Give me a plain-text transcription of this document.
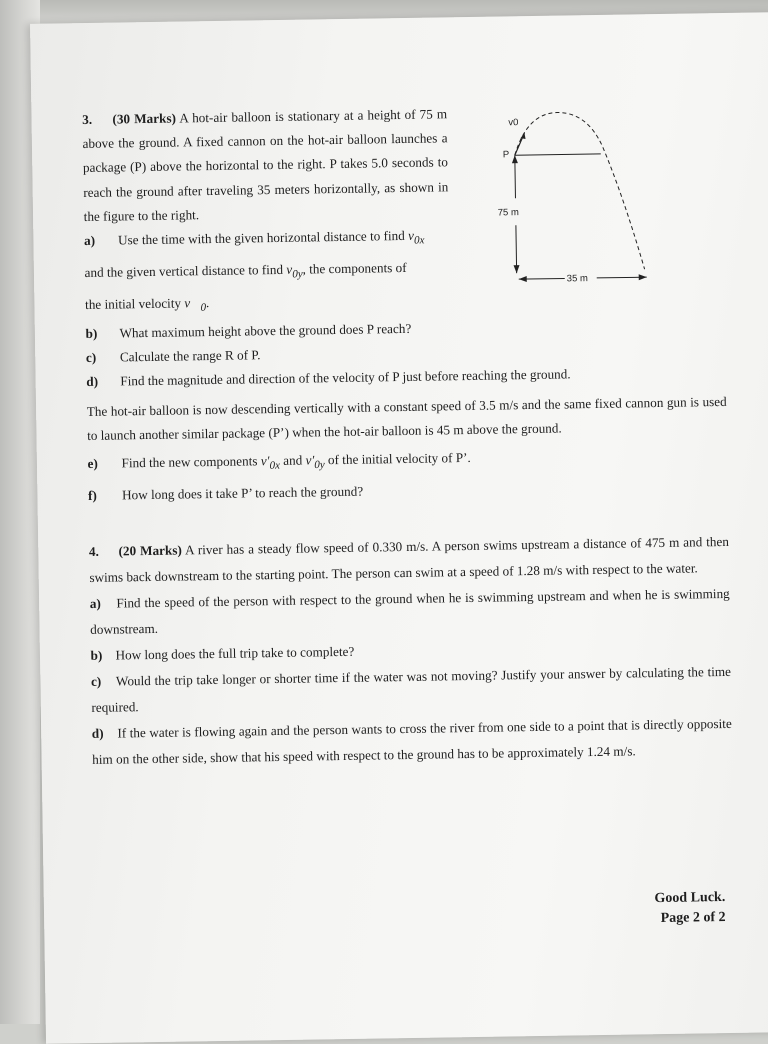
v0
P
75 m
35 m

3. (30 Marks) A hot-air balloon is stationary at a height of 75 m above the ground. A fixed cannon on the hot-air balloon launches a package (P) above the horizontal to the right. P takes 5.0 seconds to reach the ground after traveling 35 meters horizontally, as shown in the figure to the right.

a)	Use the time with the given horizontal distance to find $v_{0x}$

and the given vertical distance to find $v_{0y}$, the components of

the initial velocity $v⃗_0$.

b)	What maximum height above the ground does P reach?
c)	Calculate the range R of P.
d)	Find the magnitude and direction of the velocity of P just before reaching the ground.

The hot-air balloon is now descending vertically with a constant speed of 3.5 m/s and the same fixed cannon gun is used to launch another similar package (P’) when the hot-air balloon is 45 m above the ground.

e)	Find the new components $v'_{0x}$ and $v'_{0y}$ of the initial velocity of P’.
f)	How long does it take P’ to reach the ground?

4. (20 Marks) A river has a steady flow speed of 0.330 m/s. A person swims upstream a distance of 475 m and then swims back downstream to the starting point. The person can swim at a speed of 1.28 m/s with respect to the water.

a) Find the speed of the person with respect to the ground when he is swimming upstream and when he is swimming downstream.

b) How long does the full trip take to complete?

c) Would the trip take longer or shorter time if the water was not moving? Justify your answer by calculating the time required.

d) If the water is flowing again and the person wants to cross the river from one side to a point that is directly opposite him on the other side, show that his speed with respect to the ground has to be approximately 1.24 m/s.

Good Luck.
Page 2 of 2
